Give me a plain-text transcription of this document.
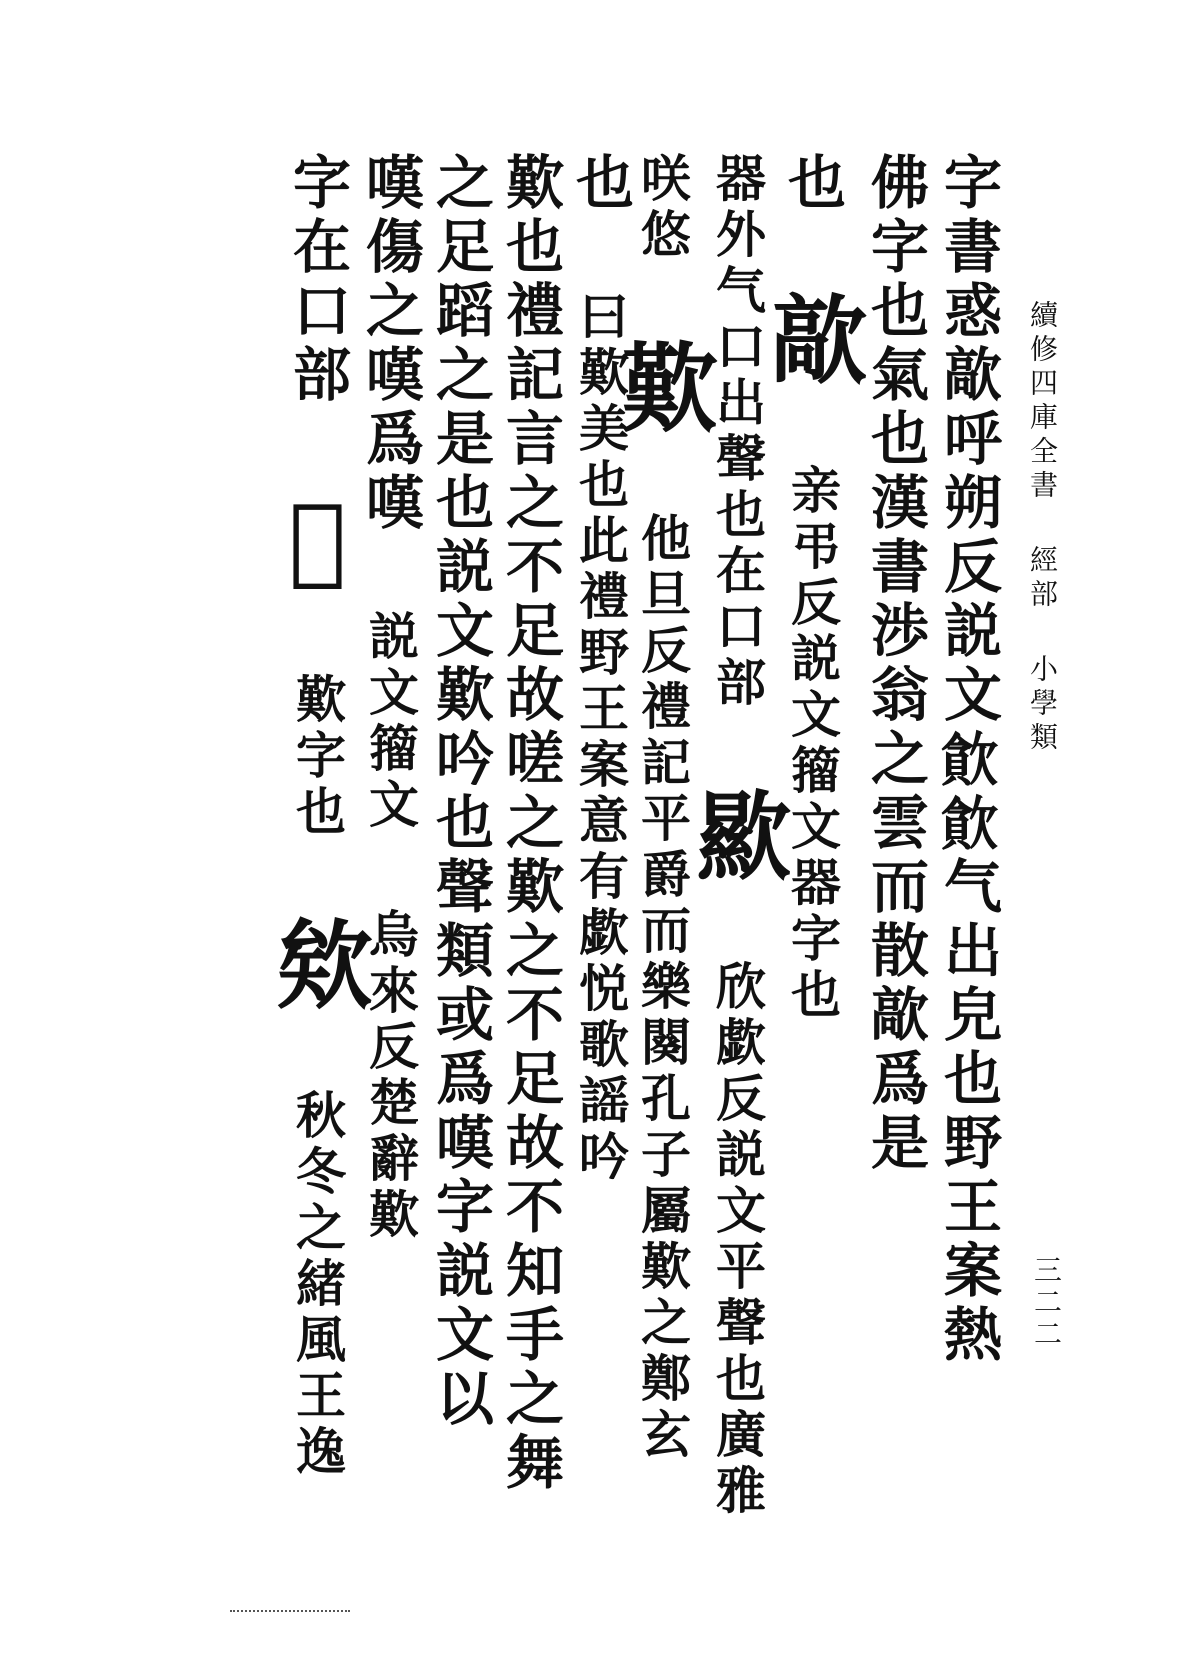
續修四庫全書 經部 小學類
三二二
字書惑歊呼朔反説文𣤉𣤉气出皃也野王案熱
佛字也氣也漢書渉翁之雲而散歊爲是
也 歊 亲弔反説文籀文器字也
器外气口出聲也在口部 歞 欣歔反説文平聲也廣雅
咲悠 歎 他旦反禮記平爵而樂闋孔子屬歎之鄭玄
也 曰歎美也此禮野王案意有歔悦歌謡吟
歎也禮記言之不足故嗟之歎之不足故不知手之舞
之足蹈之是也説文歎吟也聲類或爲嘆字説文以
嘆傷之嘆爲嘆 説文籀文 烏來反楚辭歎
字在口部 𣤤 歎字也 欸 秋冬之緒風王逸
